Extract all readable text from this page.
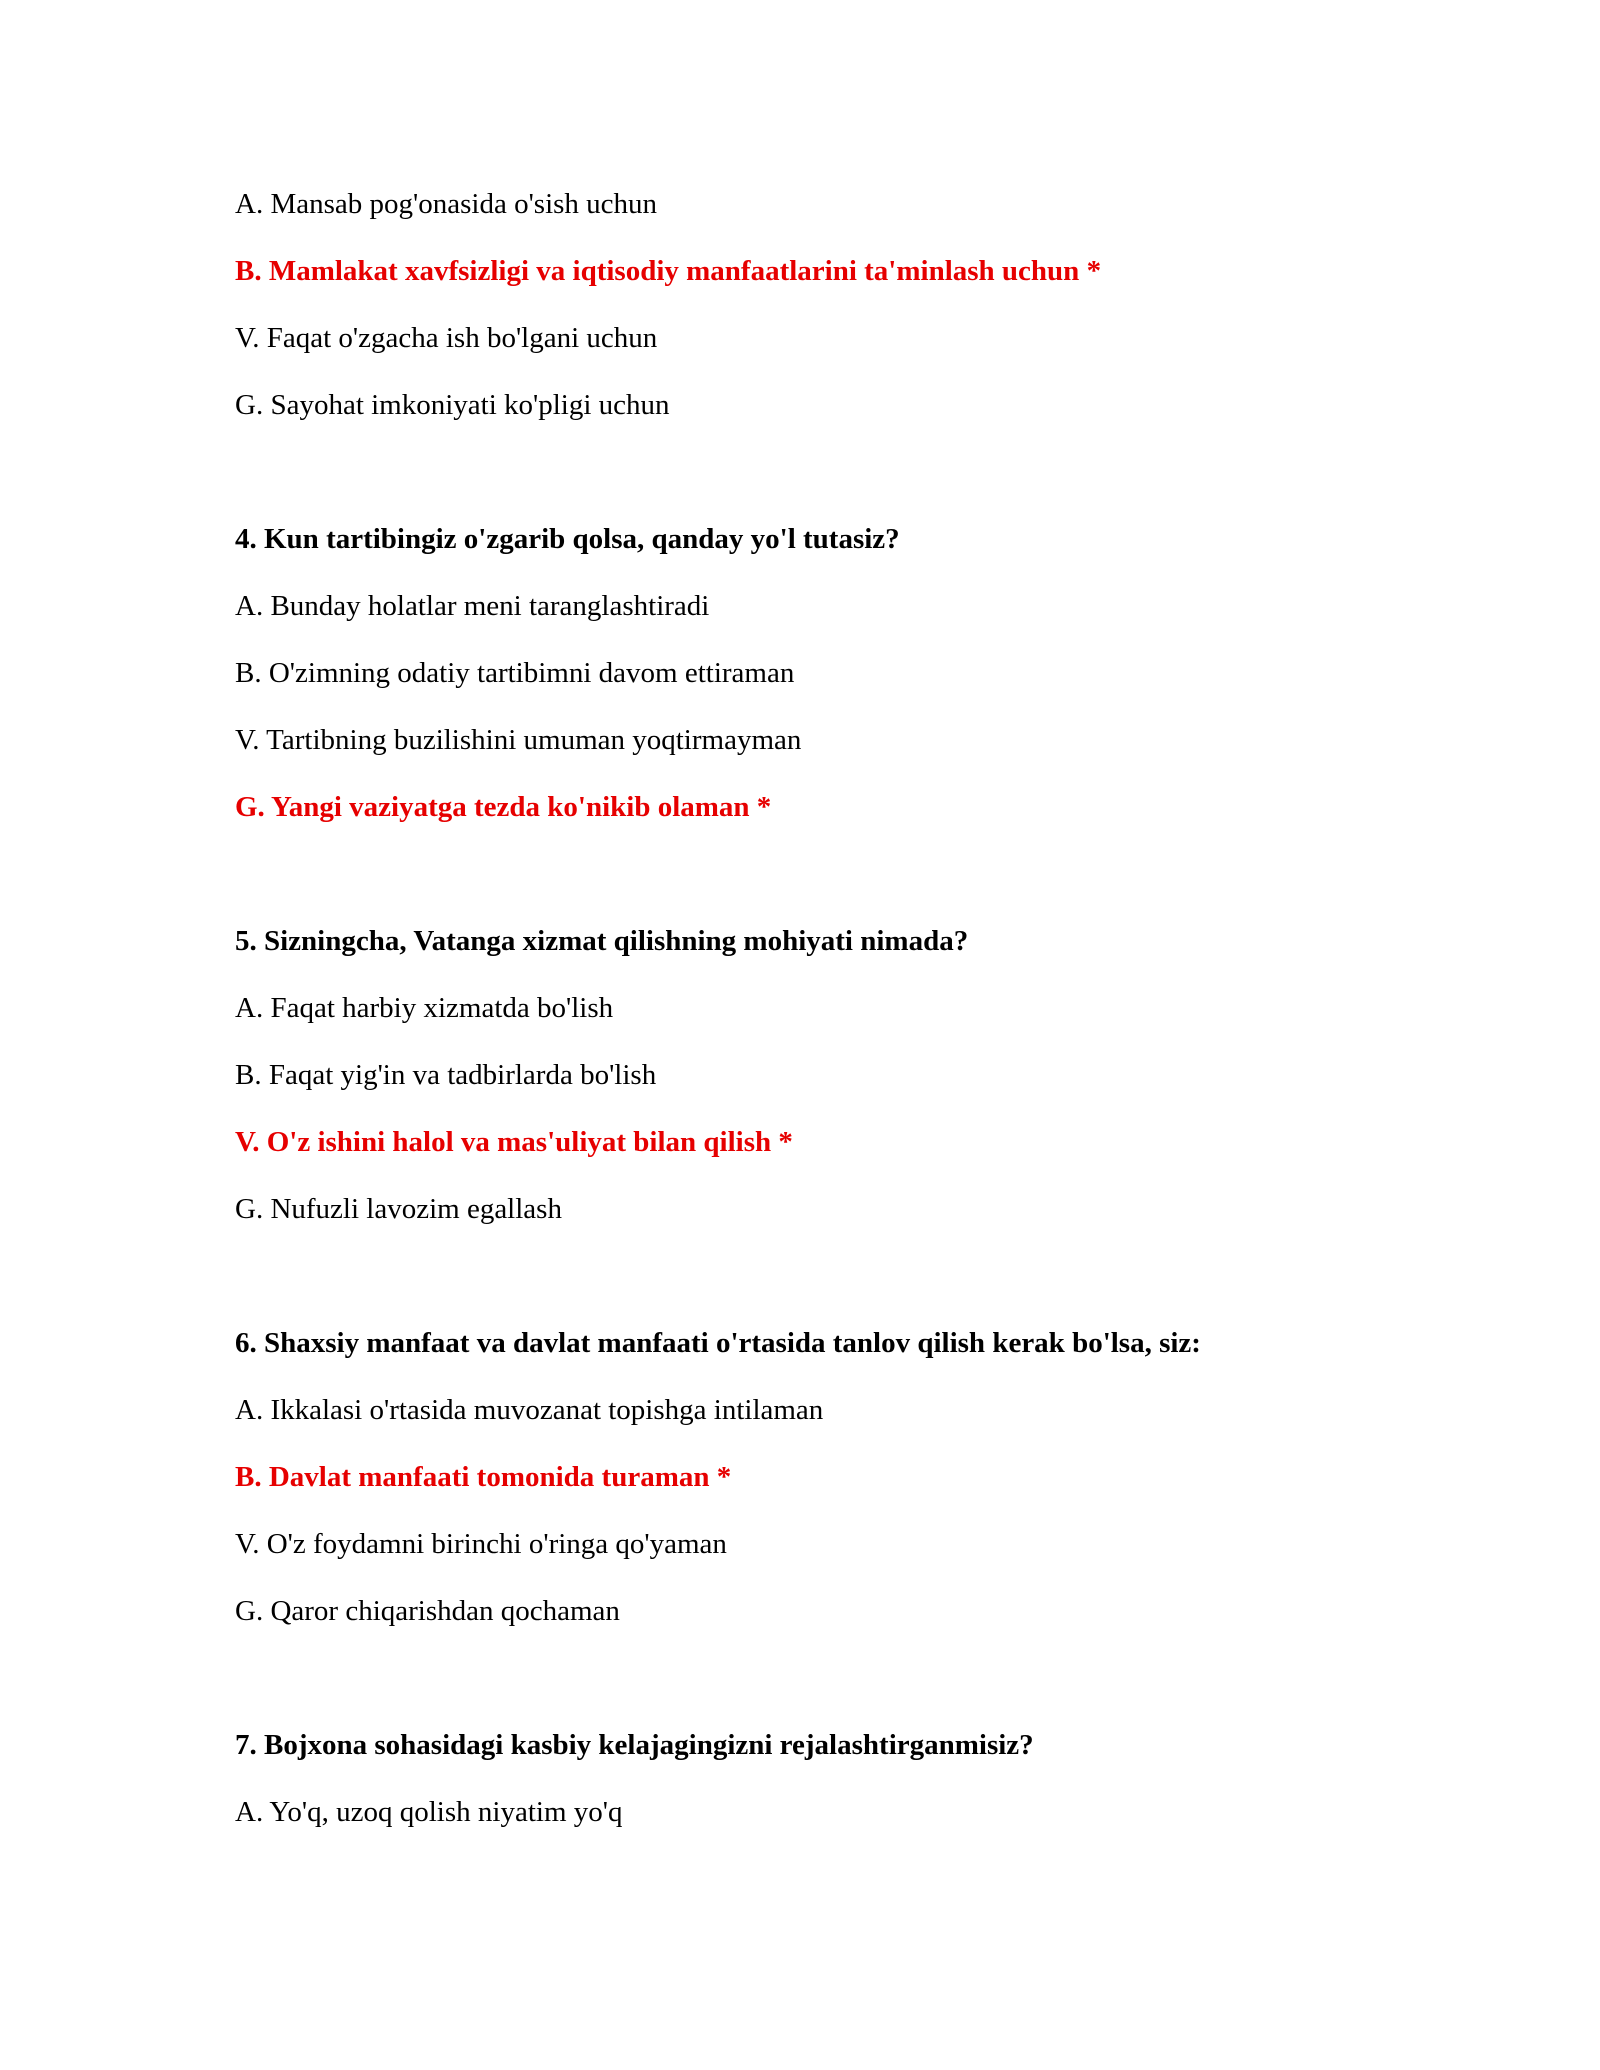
A. Mansab pog'onasida o'sish uchun
B. Mamlakat xavfsizligi va iqtisodiy manfaatlarini ta'minlash uchun *
V. Faqat o'zgacha ish bo'lgani uchun
G. Sayohat imkoniyati ko'pligi uchun
4. Kun tartibingiz o'zgarib qolsa, qanday yo'l tutasiz?
A. Bunday holatlar meni taranglashtiradi
B. O'zimning odatiy tartibimni davom ettiraman
V. Tartibning buzilishini umuman yoqtirmayman
G. Yangi vaziyatga tezda ko'nikib olaman *
5. Sizningcha, Vatanga xizmat qilishning mohiyati nimada?
A. Faqat harbiy xizmatda bo'lish
B. Faqat yig'in va tadbirlarda bo'lish
V. O'z ishini halol va mas'uliyat bilan qilish *
G. Nufuzli lavozim egallash
6. Shaxsiy manfaat va davlat manfaati o'rtasida tanlov qilish kerak bo'lsa, siz:
A. Ikkalasi o'rtasida muvozanat topishga intilaman
B. Davlat manfaati tomonida turaman *
V. O'z foydamni birinchi o'ringa qo'yaman
G. Qaror chiqarishdan qochaman
7. Bojxona sohasidagi kasbiy kelajagingizni rejalashtirganmisiz?
A. Yo'q, uzoq qolish niyatim yo'q
